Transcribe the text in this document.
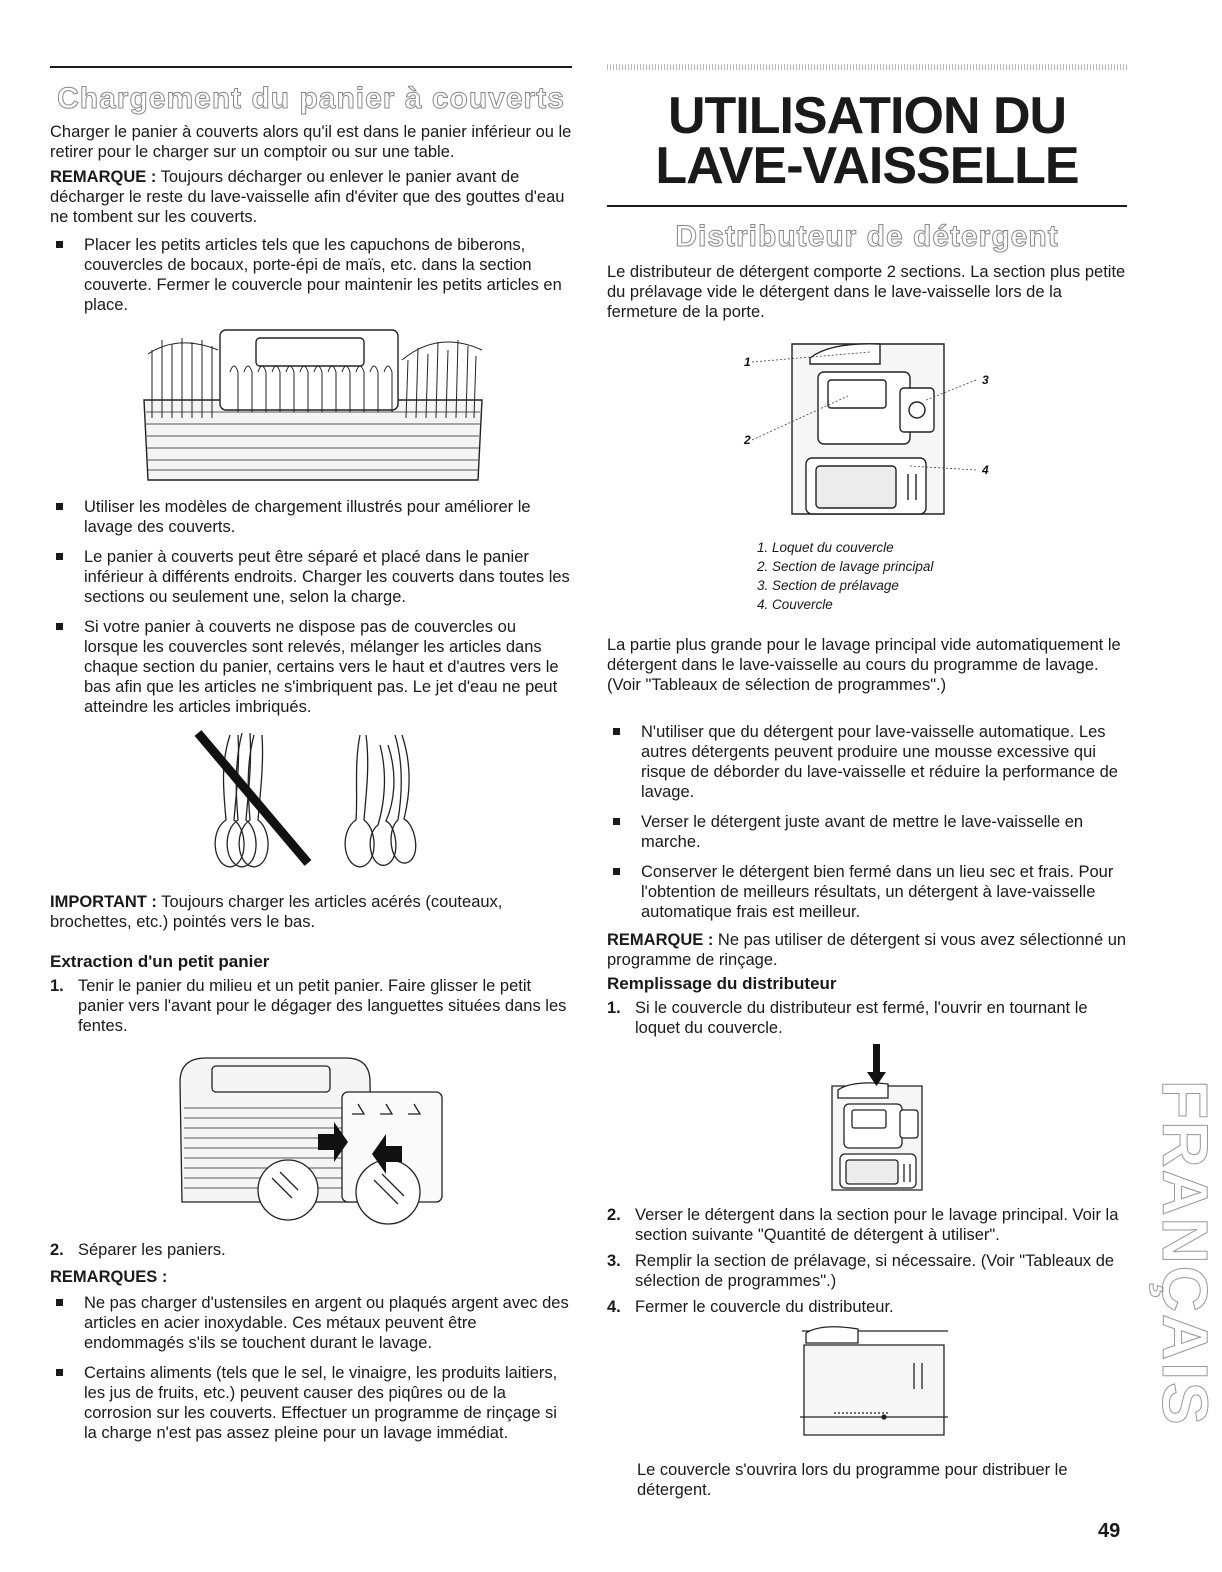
Chargement du panier à couverts
Charger le panier à couverts alors qu'il est dans le panier inférieur ou le retirer pour le charger sur un comptoir ou sur une table.
REMARQUE : Toujours décharger ou enlever le panier avant de décharger le reste du lave-vaisselle afin d'éviter que des gouttes d'eau ne tombent sur les couverts.
Placer les petits articles tels que les capuchons de biberons, couvercles de bocaux, porte-épi de maïs, etc. dans la section couverte. Fermer le couvercle pour maintenir les petits articles en place.
Utiliser les modèles de chargement illustrés pour améliorer le lavage des couverts.
Le panier à couverts peut être séparé et placé dans le panier inférieur à différents endroits. Charger les couverts dans toutes les sections ou seulement une, selon la charge.
Si votre panier à couverts ne dispose pas de couvercles ou lorsque les couvercles sont relevés, mélanger les articles dans chaque section du panier, certains vers le haut et d'autres vers le bas afin que les articles ne s'imbriquent pas. Le jet d'eau ne peut atteindre les articles imbriqués.
IMPORTANT : Toujours charger les articles acérés (couteaux, brochettes, etc.) pointés vers le bas.
Extraction d'un petit panier
1. Tenir le panier du milieu et un petit panier. Faire glisser le petit panier vers l'avant pour le dégager des languettes situées dans les fentes.
2. Séparer les paniers.
REMARQUES :
Ne pas charger d'ustensiles en argent ou plaqués argent avec des articles en acier inoxydable. Ces métaux peuvent être endommagés s'ils se touchent durant le lavage.
Certains aliments (tels que le sel, le vinaigre, les produits laitiers, les jus de fruits, etc.) peuvent causer des piqûres ou de la corrosion sur les couverts. Effectuer un programme de rinçage si la charge n'est pas assez pleine pour un lavage immédiat.
UTILISATION DU
LAVE-VAISSELLE
Distributeur de détergent
Le distributeur de détergent comporte 2 sections. La section plus petite du prélavage vide le détergent dans le lave-vaisselle lors de la fermeture de la porte.
1
2
3
4
1. Loquet du couvercle
2. Section de lavage principal
3. Section de prélavage
4. Couvercle
La partie plus grande pour le lavage principal vide automatiquement le détergent dans le lave-vaisselle au cours du programme de lavage. (Voir "Tableaux de sélection de programmes".)
N'utiliser que du détergent pour lave-vaisselle automatique. Les autres détergents peuvent produire une mousse excessive qui risque de déborder du lave-vaisselle et réduire la performance de lavage.
Verser le détergent juste avant de mettre le lave-vaisselle en marche.
Conserver le détergent bien fermé dans un lieu sec et frais. Pour l'obtention de meilleurs résultats, un détergent à lave-vaisselle automatique frais est meilleur.
REMARQUE : Ne pas utiliser de détergent si vous avez sélectionné un programme de rinçage.
Remplissage du distributeur
1. Si le couvercle du distributeur est fermé, l'ouvrir en tournant le loquet du couvercle.
2. Verser le détergent dans la section pour le lavage principal. Voir la section suivante "Quantité de détergent à utiliser".
3. Remplir la section de prélavage, si nécessaire. (Voir "Tableaux de sélection de programmes".)
4. Fermer le couvercle du distributeur.
Le couvercle s'ouvrira lors du programme pour distribuer le détergent.
FRANÇAIS
49
